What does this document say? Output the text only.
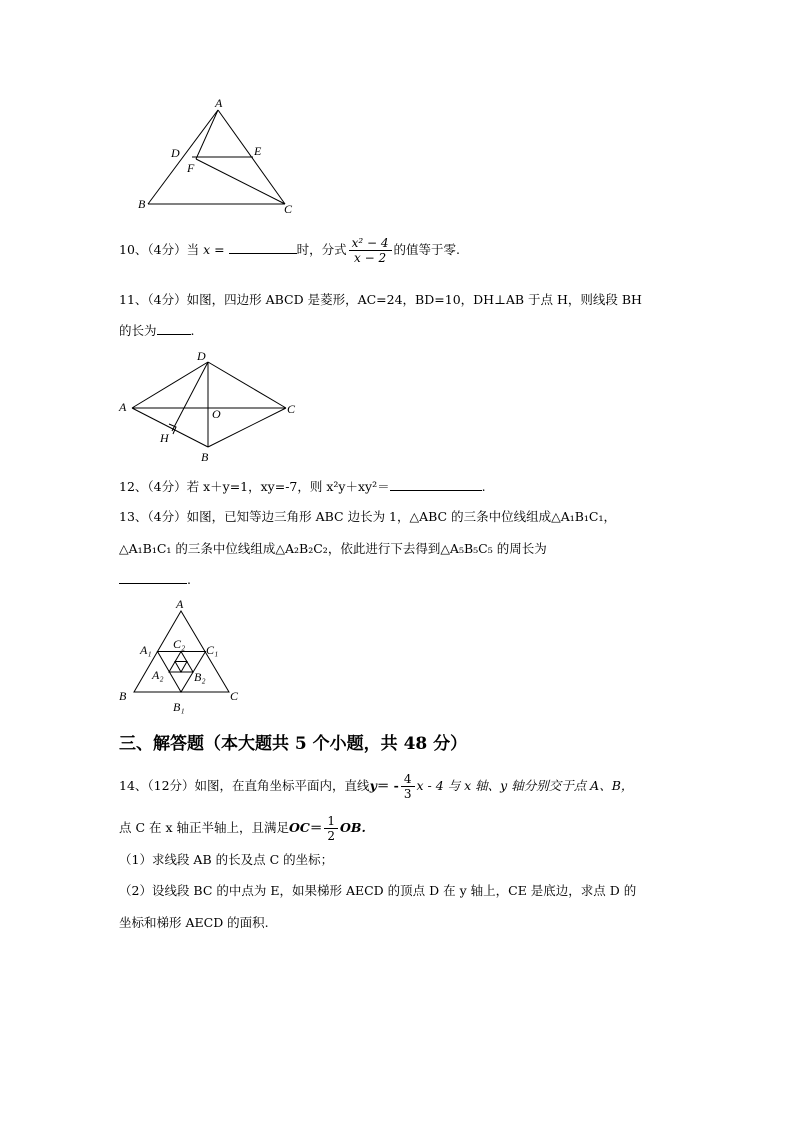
A
D	E
F
B	C
10、（4分）当 x =	时，分式 $\frac{\text{x² − 4}}{x - 2}$ 的值等于零.
11、（4分）如图，四边形 ABCD 是菱形，AC=24，BD=10，DH⊥AB 于点 H，则线段 BH
的长为	.
A
D
C
B
O
H
12、（4分）若 x＋y=1，xy=-7，则 x²y＋xy²＝	.
13、（4分）如图，已知等边三角形 ABC 边长为 1，△ABC 的三条中位线组成△A₁B₁C₁，
△A₁B₁C₁ 的三条中位线组成△A₂B₂C₂，依此进行下去得到△A₅B₅C₅ 的周长为
.
A
B	C
A₁	C₁
C₂
A₂	B₂
B₁
三、解答题（本大题共 5 个小题，共 48 分）
14、（12分）如图，在直角坐标平面内，直线$y= - \frac{4}{3}$ x - 4 与 x 轴、y 轴分别交于点 A、B，
点 C 在 x 轴正半轴上，且满足$OC= \frac{1}{2}$ OB.
（1）求线段 AB 的长及点 C 的坐标；
（2）设线段 BC 的中点为 E，如果梯形 AECD 的顶点 D 在 y 轴上，CE 是底边，求点 D 的
坐标和梯形 AECD 的面积.
